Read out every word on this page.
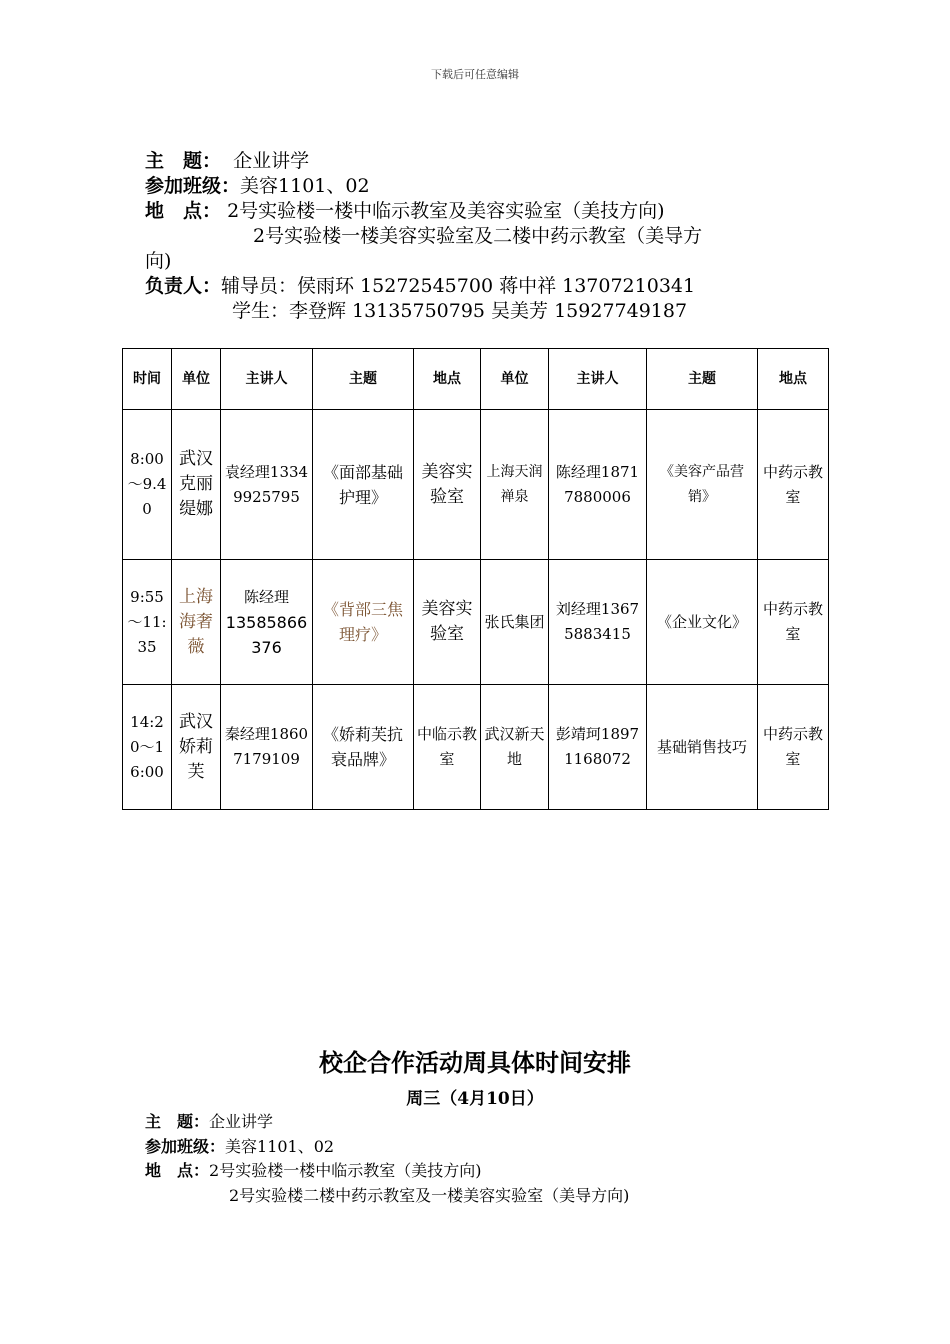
下载后可任意编辑
主　题： 企业讲学
参加班级：美容1101、02
地　点： 2号实验楼一楼中临示教室及美容实验室（美技方向)
2号实验楼一楼美容实验室及二楼中药示教室（美导方
向)
负责人：辅导员：侯雨环 15272545700 蒋中祥 13707210341
学生：李登辉 13135750795 吴美芳 15927749187
时间	单位	主讲人	主题	地点	单位	主讲人	主题	地点
8:00～9.40	武汉克丽缇娜	袁经理13349925795	《面部基础护理》	美容实验室	上海天润禅泉	陈经理18717880006	《美容产品营销》	中药示教室
9:55～11:35	上海海奢薇	陈经理
13585866376	《背部三焦理疗》	美容实验室	张氏集团	刘经理13675883415	《企业文化》	中药示教室
14:20～16:00	武汉娇莉芙	秦经理18607179109	《娇莉芙抗衰品牌》	中临示教室	武汉新天地	彭靖珂18971168072	基础销售技巧	中药示教室
校企合作活动周具体时间安排
周三（4月10日）
主　题：企业讲学
参加班级：美容1101、02
地　点：2号实验楼一楼中临示教室（美技方向)
2号实验楼二楼中药示教室及一楼美容实验室（美导方向)
